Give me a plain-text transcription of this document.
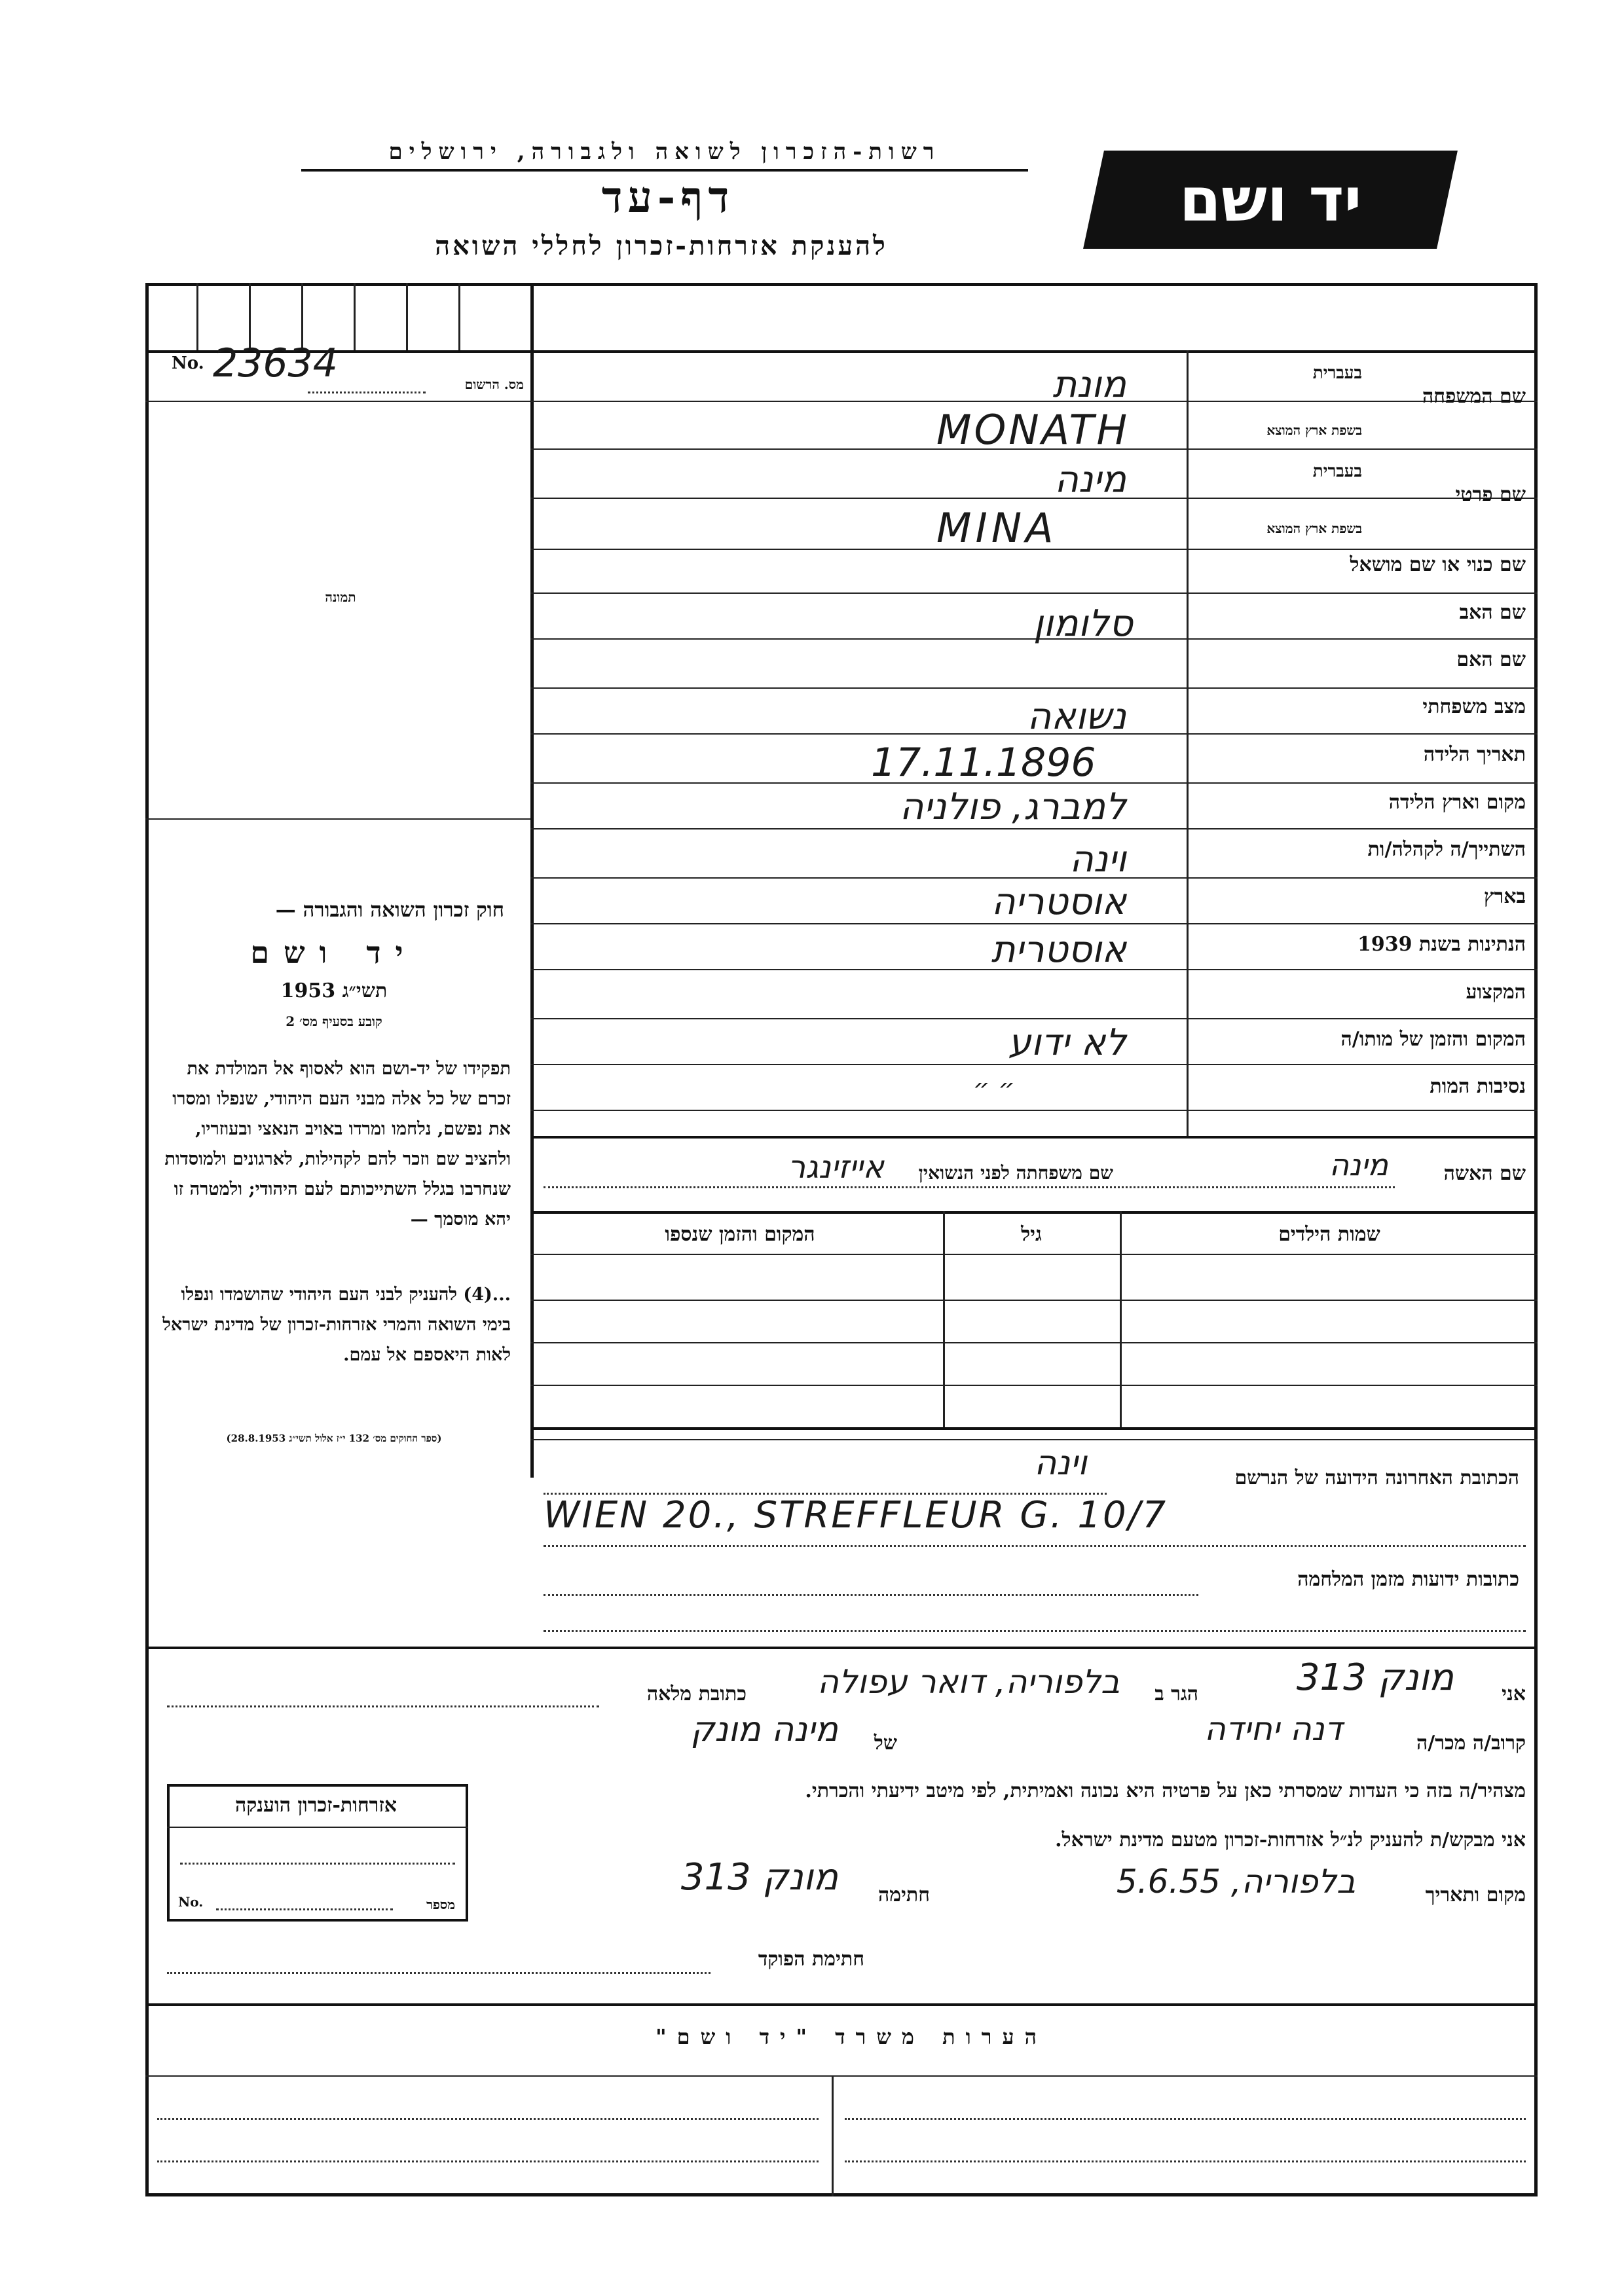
רשות-הזכרון לשואה ולגבורה, ירושלים
דף-עד
להענקת אזרחות-זכרון לחללי השואה
יד ושם
No. 23634	מס. הרשום
תמונה
חוק זכרון השואה והגבורה —
יד ושם
תשי״ג 1953
קובע בסעיף מס׳ 2
תפקידו של יד-ושם הוא לאסוף אל המולדת את זכרם של כל אלה מבני העם היהודי, שנפלו ומסרו את נפשם, נלחמו ומרדו באויב הנאצי ובעוזריו, ולהציב שם וזכר להם לקהילות, לארגונים ולמוסדות שנחרבו בגלל השתייכותם לעם היהודי; ולמטרה זו יהא מוסמך —
...(4) להעניק לבני העם היהודי שהושמדו ונפלו בימי השואה והמרי אזרחות-זכרון של מדינת ישראל לאות היאספם אל עמם.
(ספר החוקים מס׳ 132 י״ז אלול תשי״ג 28.8.1953)
שם המשפחה
בעברית
בשפת ארץ המוצא
שם פרטי
בעברית
בשפת ארץ המוצא
שם כנוי או שם מושאל
שם האב
שם האם
מצב משפחתי
תאריך הלידה
מקום וארץ הלידה
השתייך/ה לקהלה/ות
בארץ
הנתינות בשנת 1939
המקצוע
המקום והזמן של מותו/ה
נסיבות המות
מונת
MONATH
מינה
MINA
סלומון
נשואה
17.11.1896
למברג, פולניה
וינה
אוסטריה
אוסטרית
לא ידוע
״ ״
שם האשה
מינה
שם משפחתה לפני הנשואין
אייזינגר
שמות הילדים
גיל
המקום והזמן שנספו
הכתובת האחרונה הידועה של הנרשם
וינה
WIEN 20., STREFFLEUR G. 10/7
כתובות ידועות מזמן המלחמה
אני
מונק 313
הגר ב
בלפוריה, דואר עפולה
כתובת מלאה
קרוב/ה מכר/ה
דנה יחידה
של
מינה מונק
מצהיר/ה בזה כי העדות שמסרתי כאן על פרטיה היא נכונה ואמיתית, לפי מיטב ידיעתי והכרתי.
אני מבקש/ת להעניק לנ״ל אזרחות-זכרון מטעם מדינת ישראל.
מקום ותאריך
בלפוריה, 5.6.55
חתימה
מונק 313
חתימת הפוקד
אזרחות-זכרון הוענקה
No.	מספר
הערות משרד "יד ושם"
